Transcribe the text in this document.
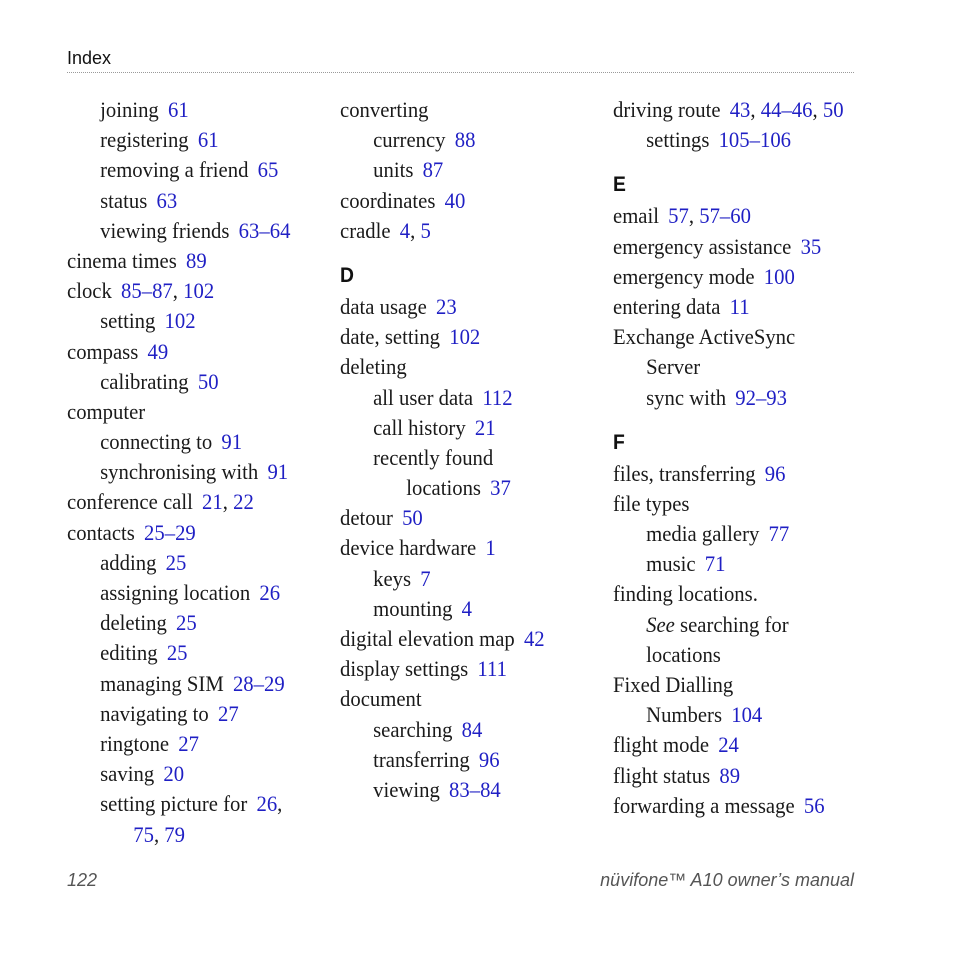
Index
joining 61
registering 61
removing a friend 65
status 63
viewing friends 63–64
cinema times 89
clock 85–87, 102
setting 102
compass 49
calibrating 50
computer
connecting to 91
synchronising with 91
conference call 21, 22
contacts 25–29
adding 25
assigning location 26
deleting 25
editing 25
managing SIM 28–29
navigating to 27
ringtone 27
saving 20
setting picture for 26,
75, 79
converting
currency 88
units 87
coordinates 40
cradle 4, 5
D
data usage 23
date, setting 102
deleting
all user data 112
call history 21
recently found
locations 37
detour 50
device hardware 1
keys 7
mounting 4
digital elevation map 42
display settings 111
document
searching 84
transferring 96
viewing 83–84
driving route 43, 44–46, 50
settings 105–106
E
email 57, 57–60
emergency assistance 35
emergency mode 100
entering data 11
Exchange ActiveSync
Server
sync with 92–93
F
files, transferring 96
file types
media gallery 77
music 71
finding locations.
See searching for
locations
Fixed Dialling
Numbers 104
flight mode 24
flight status 89
forwarding a message 56
122	nüvifone™ A10 owner’s manual
